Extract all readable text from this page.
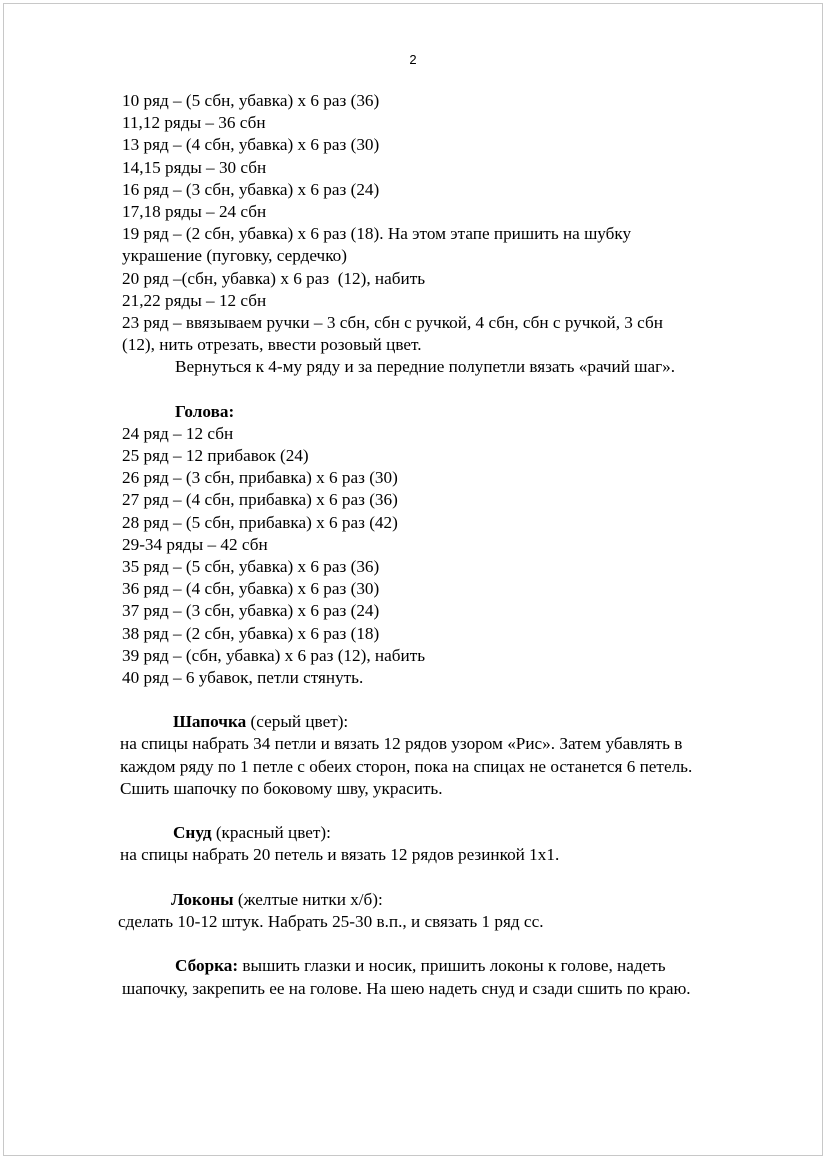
2
10 ряд – (5 сбн, убавка) х 6 раз (36)
11,12 ряды – 36 сбн
13 ряд – (4 сбн, убавка) х 6 раз (30)
14,15 ряды – 30 сбн
16 ряд – (3 сбн, убавка) х 6 раз (24)
17,18 ряды – 24 сбн
19 ряд – (2 сбн, убавка) х 6 раз (18). На этом этапе пришить на шубку
украшение (пуговку, сердечко)
20 ряд –(сбн, убавка) х 6 раз  (12), набить
21,22 ряды – 12 сбн
23 ряд – ввязываем ручки – 3 сбн, сбн с ручкой, 4 сбн, сбн с ручкой, 3 сбн
(12), нить отрезать, ввести розовый цвет.
Вернуться к 4-му ряду и за передние полупетли вязать «рачий шаг».
Голова:
24 ряд – 12 сбн
25 ряд – 12 прибавок (24)
26 ряд – (3 сбн, прибавка) х 6 раз (30)
27 ряд – (4 сбн, прибавка) х 6 раз (36)
28 ряд – (5 сбн, прибавка) х 6 раз (42)
29-34 ряды – 42 сбн
35 ряд – (5 сбн, убавка) х 6 раз (36)
36 ряд – (4 сбн, убавка) х 6 раз (30)
37 ряд – (3 сбн, убавка) х 6 раз (24)
38 ряд – (2 сбн, убавка) х 6 раз (18)
39 ряд – (сбн, убавка) х 6 раз (12), набить
40 ряд – 6 убавок, петли стянуть.
Шапочка (серый цвет):
на спицы набрать 34 петли и вязать 12 рядов узором «Рис». Затем убавлять в
каждом ряду по 1 петле с обеих сторон, пока на спицах не останется 6 петель.
Сшить шапочку по боковому шву, украсить.
Снуд (красный цвет):
на спицы набрать 20 петель и вязать 12 рядов резинкой 1х1.
Локоны (желтые нитки х/б):
сделать 10-12 штук. Набрать 25-30 в.п., и связать 1 ряд сс.
Сборка: вышить глазки и носик, пришить локоны к голове, надеть
шапочку, закрепить ее на голове. На шею надеть снуд и сзади сшить по краю.
